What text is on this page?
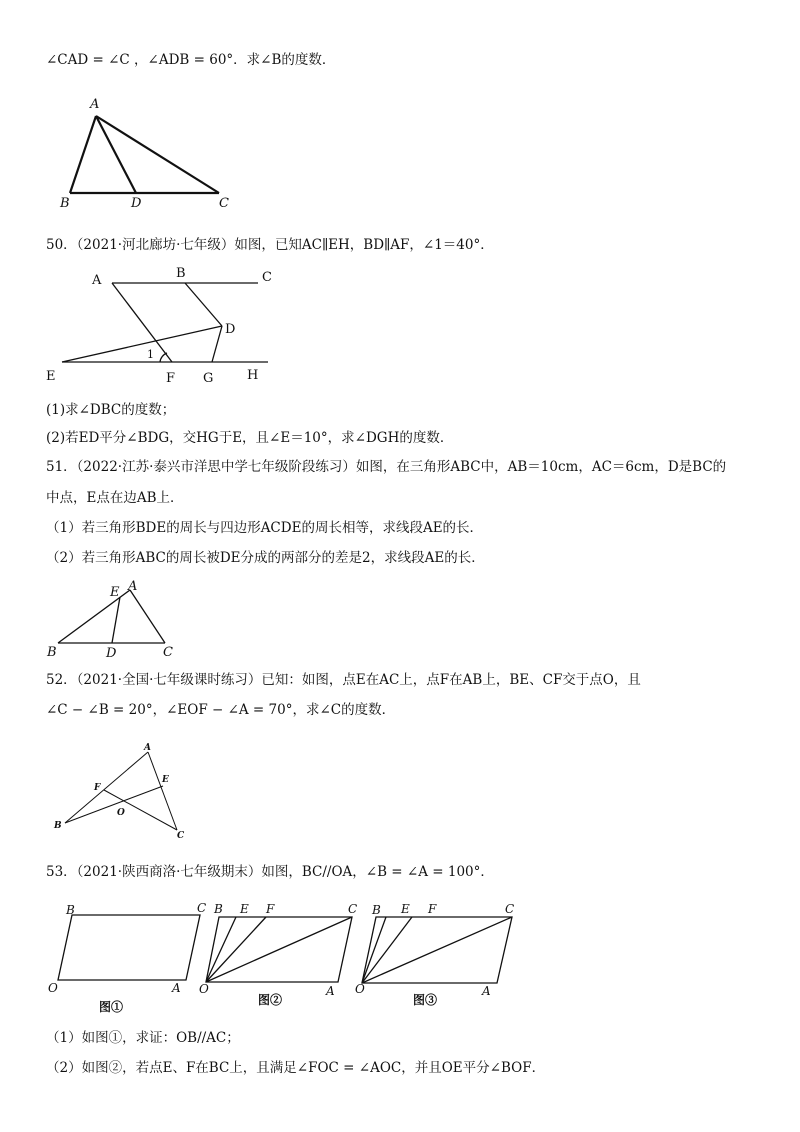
∠CAD = ∠C ，∠ADB = 60°．求∠B的度数．
50．（2021·河北廊坊·七年级）如图，已知AC∥EH，BD∥AF，∠1＝40°．
(1)求∠DBC的度数；
(2)若ED平分∠BDG，交HG于E，且∠E＝10°，求∠DGH的度数．
51．（2022·江苏·泰兴市洋思中学七年级阶段练习）如图，在三角形ABC中，AB＝10cm，AC＝6cm，D是BC的
中点，E点在边AB上．
（1）若三角形BDE的周长与四边形ACDE的周长相等，求线段AE的长．
（2）若三角形ABC的周长被DE分成的两部分的差是2，求线段AE的长．
52．（2021·全国·七年级课时练习）已知：如图，点E在AC上，点F在AB上，BE、CF交于点O，且
∠C − ∠B = 20°，∠EOF − ∠A = 70°，求∠C的度数．
53．（2021·陕西商洛·七年级期末）如图，BC//OA，∠B = ∠A = 100°．
（1）如图①，求证：OB//AC；
（2）如图②，若点E、F在BC上，且满足∠FOC = ∠AOC，并且OE平分∠BOF．
A
B	D	C
A	B	C
D
E	F G	H
1
A
E
B	D	C
A
E
F
O
B
C
B	C
O	A
图①
B E F	C
O	A
图②
B E F	C
O	A
图③
